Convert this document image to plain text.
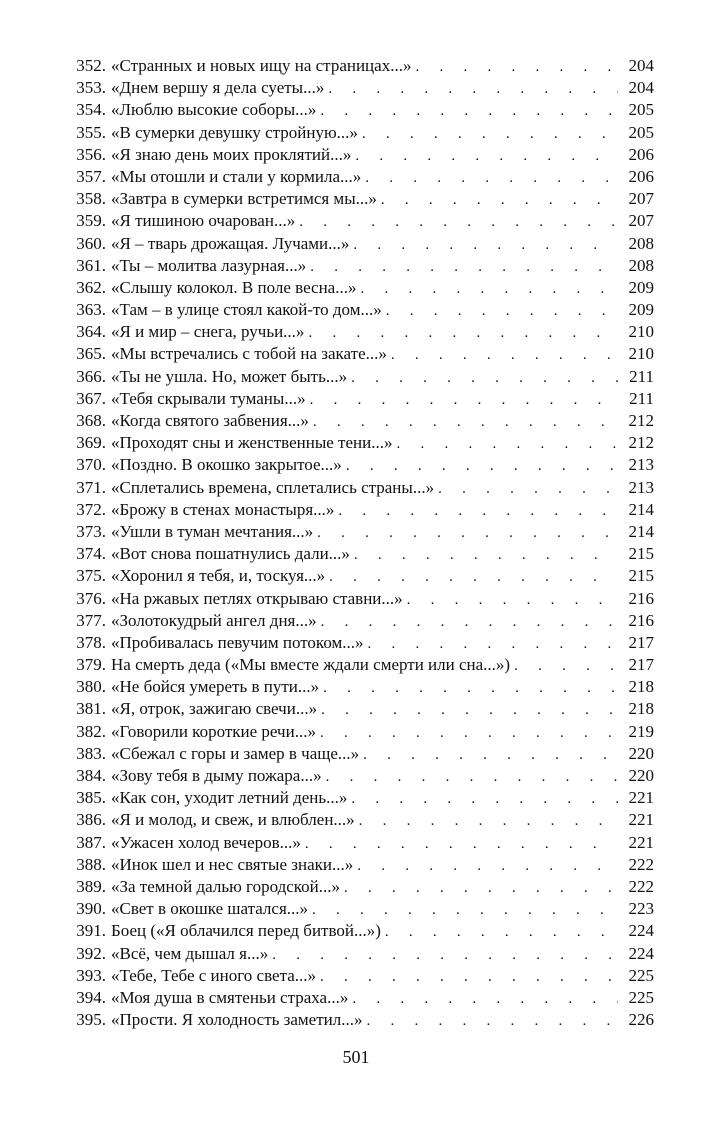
352. «Странных и новых ищу на страницах...» . . .	204
353. «Днем вершу я дела суеты...» . . .	204
354. «Люблю высокие соборы...» . . .	205
355. «В сумерки девушку стройную...» . . .	205
356. «Я знаю день моих проклятий...» . . .	206
357. «Мы отошли и стали у кормила...» . . .	206
358. «Завтра в сумерки встретимся мы...» . . .	207
359. «Я тишиною очарован...» . . .	207
360. «Я – тварь дрожащая. Лучами...» . . .	208
361. «Ты – молитва лазурная...» . . .	208
362. «Слышу колокол. В поле весна...» . . .	209
363. «Там – в улице стоял какой-то дом...» . . .	209
364. «Я и мир – снега, ручьи...» . . .	210
365. «Мы встречались с тобой на закате...» . . .	210
366. «Ты не ушла. Но, может быть...» . . .	211
367. «Тебя скрывали туманы...» . . .	211
368. «Когда святого забвения...» . . .	212
369. «Проходят сны и женственные тени...» . . .	212
370. «Поздно. В окошко закрытое...» . . .	213
371. «Сплетались времена, сплетались страны...» . . .	213
372. «Брожу в стенах монастыря...» . . .	214
373. «Ушли в туман мечтания...» . . .	214
374. «Вот снова пошатнулись дали...» . . .	215
375. «Хоронил я тебя, и, тоскуя...» . . .	215
376. «На ржавых петлях открываю ставни...» . . .	216
377. «Золотокудрый ангел дня...» . . .	216
378. «Пробивалась певучим потоком...» . . .	217
379. На смерть деда («Мы вместе ждали смерти или сна...») . . .	217
380. «Не бойся умереть в пути...» . . .	218
381. «Я, отрок, зажигаю свечи...» . . .	218
382. «Говорили короткие речи...» . . .	219
383. «Сбежал с горы и замер в чаще...» . . .	220
384. «Зову тебя в дыму пожара...» . . .	220
385. «Как сон, уходит летний день...» . . .	221
386. «Я и молод, и свеж, и влюблен...» . . .	221
387. «Ужасен холод вечеров...» . . .	221
388. «Инок шел и нес святые знаки...» . . .	222
389. «За темной далью городской...» . . .	222
390. «Свет в окошке шатался...» . . .	223
391. Боец («Я облачился перед битвой...») . . .	224
392. «Всё, чем дышал я...» . . .	224
393. «Тебе, Тебе с иного света...» . . .	225
394. «Моя душа в смятеньи страха...» . . .	225
395. «Прости. Я холодность заметил...» . . .	226
501
